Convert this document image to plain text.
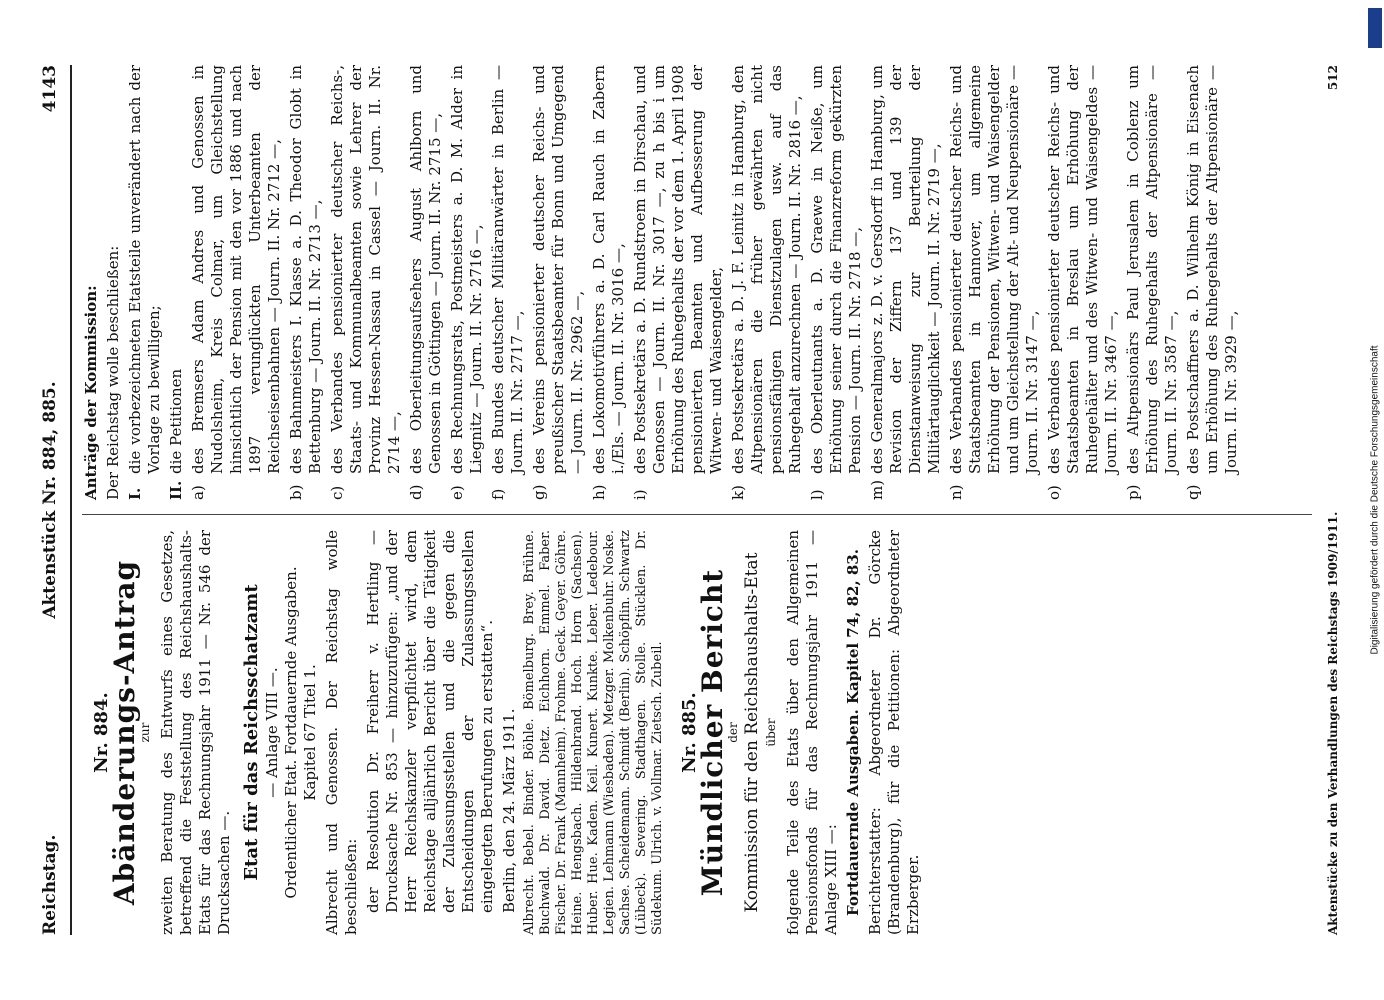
Reichstag.
Aktenstück Nr. 884, 885.
4143
Nr. 884.
Abänderungs-Antrag
zur zweiten Beratung des Entwurfs eines Gesetzes, betreffend die Feststellung des Reichshaushalts-Etats für das Rechnungsjahr 1911 — Nr. 546 der Drucksachen —. Etat für das Reichsschatzamt — Anlage VIII —. Ordentlicher Etat. Fortdauernde Ausgaben. Kapitel 67 Titel 1. Albrecht und Genossen. Der Reichstag wolle beschließen: der Resolution Dr. Freiherr v. Hertling — Drucksache Nr. 853 — hinzuzufügen: „und der Herr Reichskanzler verpflichtet wird, dem Reichstage alljährlich Bericht über die Tätigkeit der Zulassungsstellen und die gegen die Entscheidungen der Zulassungsstellen eingelegten Berufungen zu erstatten“. Berlin, den 24. März 1911. Albrecht. Bebel. Binder. Böhle. Bömelburg. Brey. Brühne. Buchwald. Dr. David. Dietz. Eichhorn. Emmel. Faber. Fischer. Dr. Frank (Mannheim). Frohme. Geck. Geyer. Göhre. Heine. Hengsbach. Hildenbrand. Hoch. Horn (Sachsen). Huber. Hue. Kaden. Keil. Kunert. Kunkte. Leber. Ledebour. Legien. Lehmann (Wiesbaden). Metzger. Molkenbuhr. Noske. Sachse. Scheidemann. Schmidt (Berlin). Schöpflin. Schwartz (Lübeck). Severing. Stadthagen. Stolle. Stücklen. Dr. Südekum. Ulrich. v. Vollmar. Zietsch. Zubeil. Nr. 885.
Mündlicher Bericht
der Kommission für den Reichshaushalts-Etat über folgende Teile des Etats über den Allgemeinen Pensionsfonds für das Rechnungsjahr 1911 — Anlage XIII —: Fortdauernde Ausgaben. Kapitel 74, 82, 83. Berichterstatter: Abgeordneter Dr. Görcke (Brandenburg), für die Petitionen: Abgeordneter Erzberger.
Anträge der Kommission: Der Reichstag wolle beschließen: I.
die vorbezeichneten Etatsteile unverändert nach der Vorlage zu bewilligen;
II.
die Petitionen
a)
des Bremsers Adam Andres und Genossen in Nudolsheim, Kreis Colmar, um Gleichstellung hinsichtlich der Pension mit den vor 1886 und nach 1897 verunglückten Unterbeamten der Reichseisenbahnen — Journ. II. Nr. 2712 —,
b)
des Bahnmeisters I. Klasse a. D. Theodor Globt in Bettenburg — Journ. II. Nr. 2713 —,
c)
des Verbandes pensionierter deutscher Reichs-, Staats- und Kommunalbeamten sowie Lehrer der Provinz Hessen-Nassau in Cassel — Journ. II. Nr. 2714 —,
d)
des Oberleitungsaufsehers August Ahlborn und Genossen in Göttingen — Journ. II. Nr. 2715 —,
e)
des Rechnungsrats, Postmeisters a. D. M. Alder in Liegnitz — Journ. II. Nr. 2716 —,
f)
des Bundes deutscher Militäranwärter in Berlin — Journ. II. Nr. 2717 —,
g)
des Vereins pensionierter deutscher Reichs- und preußischer Staatsbeamter für Bonn und Umgegend — Journ. II. Nr. 2962 —,
h)
des Lokomotivführers a. D. Carl Rauch in Zabern i./Els. — Journ. II. Nr. 3016 —,
i)
des Postsekretärs a. D. Rundstroem in Dirschau, und Genossen — Journ. II. Nr. 3017 —, zu h bis i um Erhöhung des Ruhegehalts der vor dem 1. April 1908 pensionierten Beamten und Aufbesserung der Witwen- und Waisengelder,
k)
des Postsekretärs a. D. J. F. Leinitz in Hamburg, den Altpensionären die früher gewährten nicht pensionsfähigen Dienstzulagen usw. auf das Ruhegehalt anzurechnen — Journ. II. Nr. 2816 —,
l)
des Oberleutnants a. D. Graewe in Neiße, um Erhöhung seiner durch die Finanzreform gekürzten Pension — Journ. II. Nr. 2718 —,
m)
des Generalmajors z. D. v. Gersdorff in Hamburg, um Revision der Ziffern 137 und 139 der Dienstanweisung zur Beurteilung der Militärtauglichkeit — Journ. II. Nr. 2719 —,
n)
des Verbandes pensionierter deutscher Reichs- und Staatsbeamten in Hannover, um allgemeine Erhöhung der Pensionen, Witwen- und Waisengelder und um Gleichstellung der Alt- und Neupensionäre — Journ. II. Nr. 3147 —,
o)
des Verbandes pensionierter deutscher Reichs- und Staatsbeamten in Breslau um Erhöhung der Ruhegehälter und des Witwen- und Waisengeldes — Journ. II. Nr. 3467 —,
p)
des Altpensionärs Paul Jerusalem in Coblenz um Erhöhung des Ruhegehalts der Altpensionäre — Journ. II. Nr. 3587 —,
q)
des Postschaffners a. D. Wilhelm König in Eisenach um Erhöhung des Ruhegehalts der Altpensionäre — Journ. II. Nr. 3929 —,
Aktenstücke zu den Verhandlungen des Reichstags 1909/1911.
512
Digitalisierung gefördert durch die Deutsche Forschungsgemeinschaft
